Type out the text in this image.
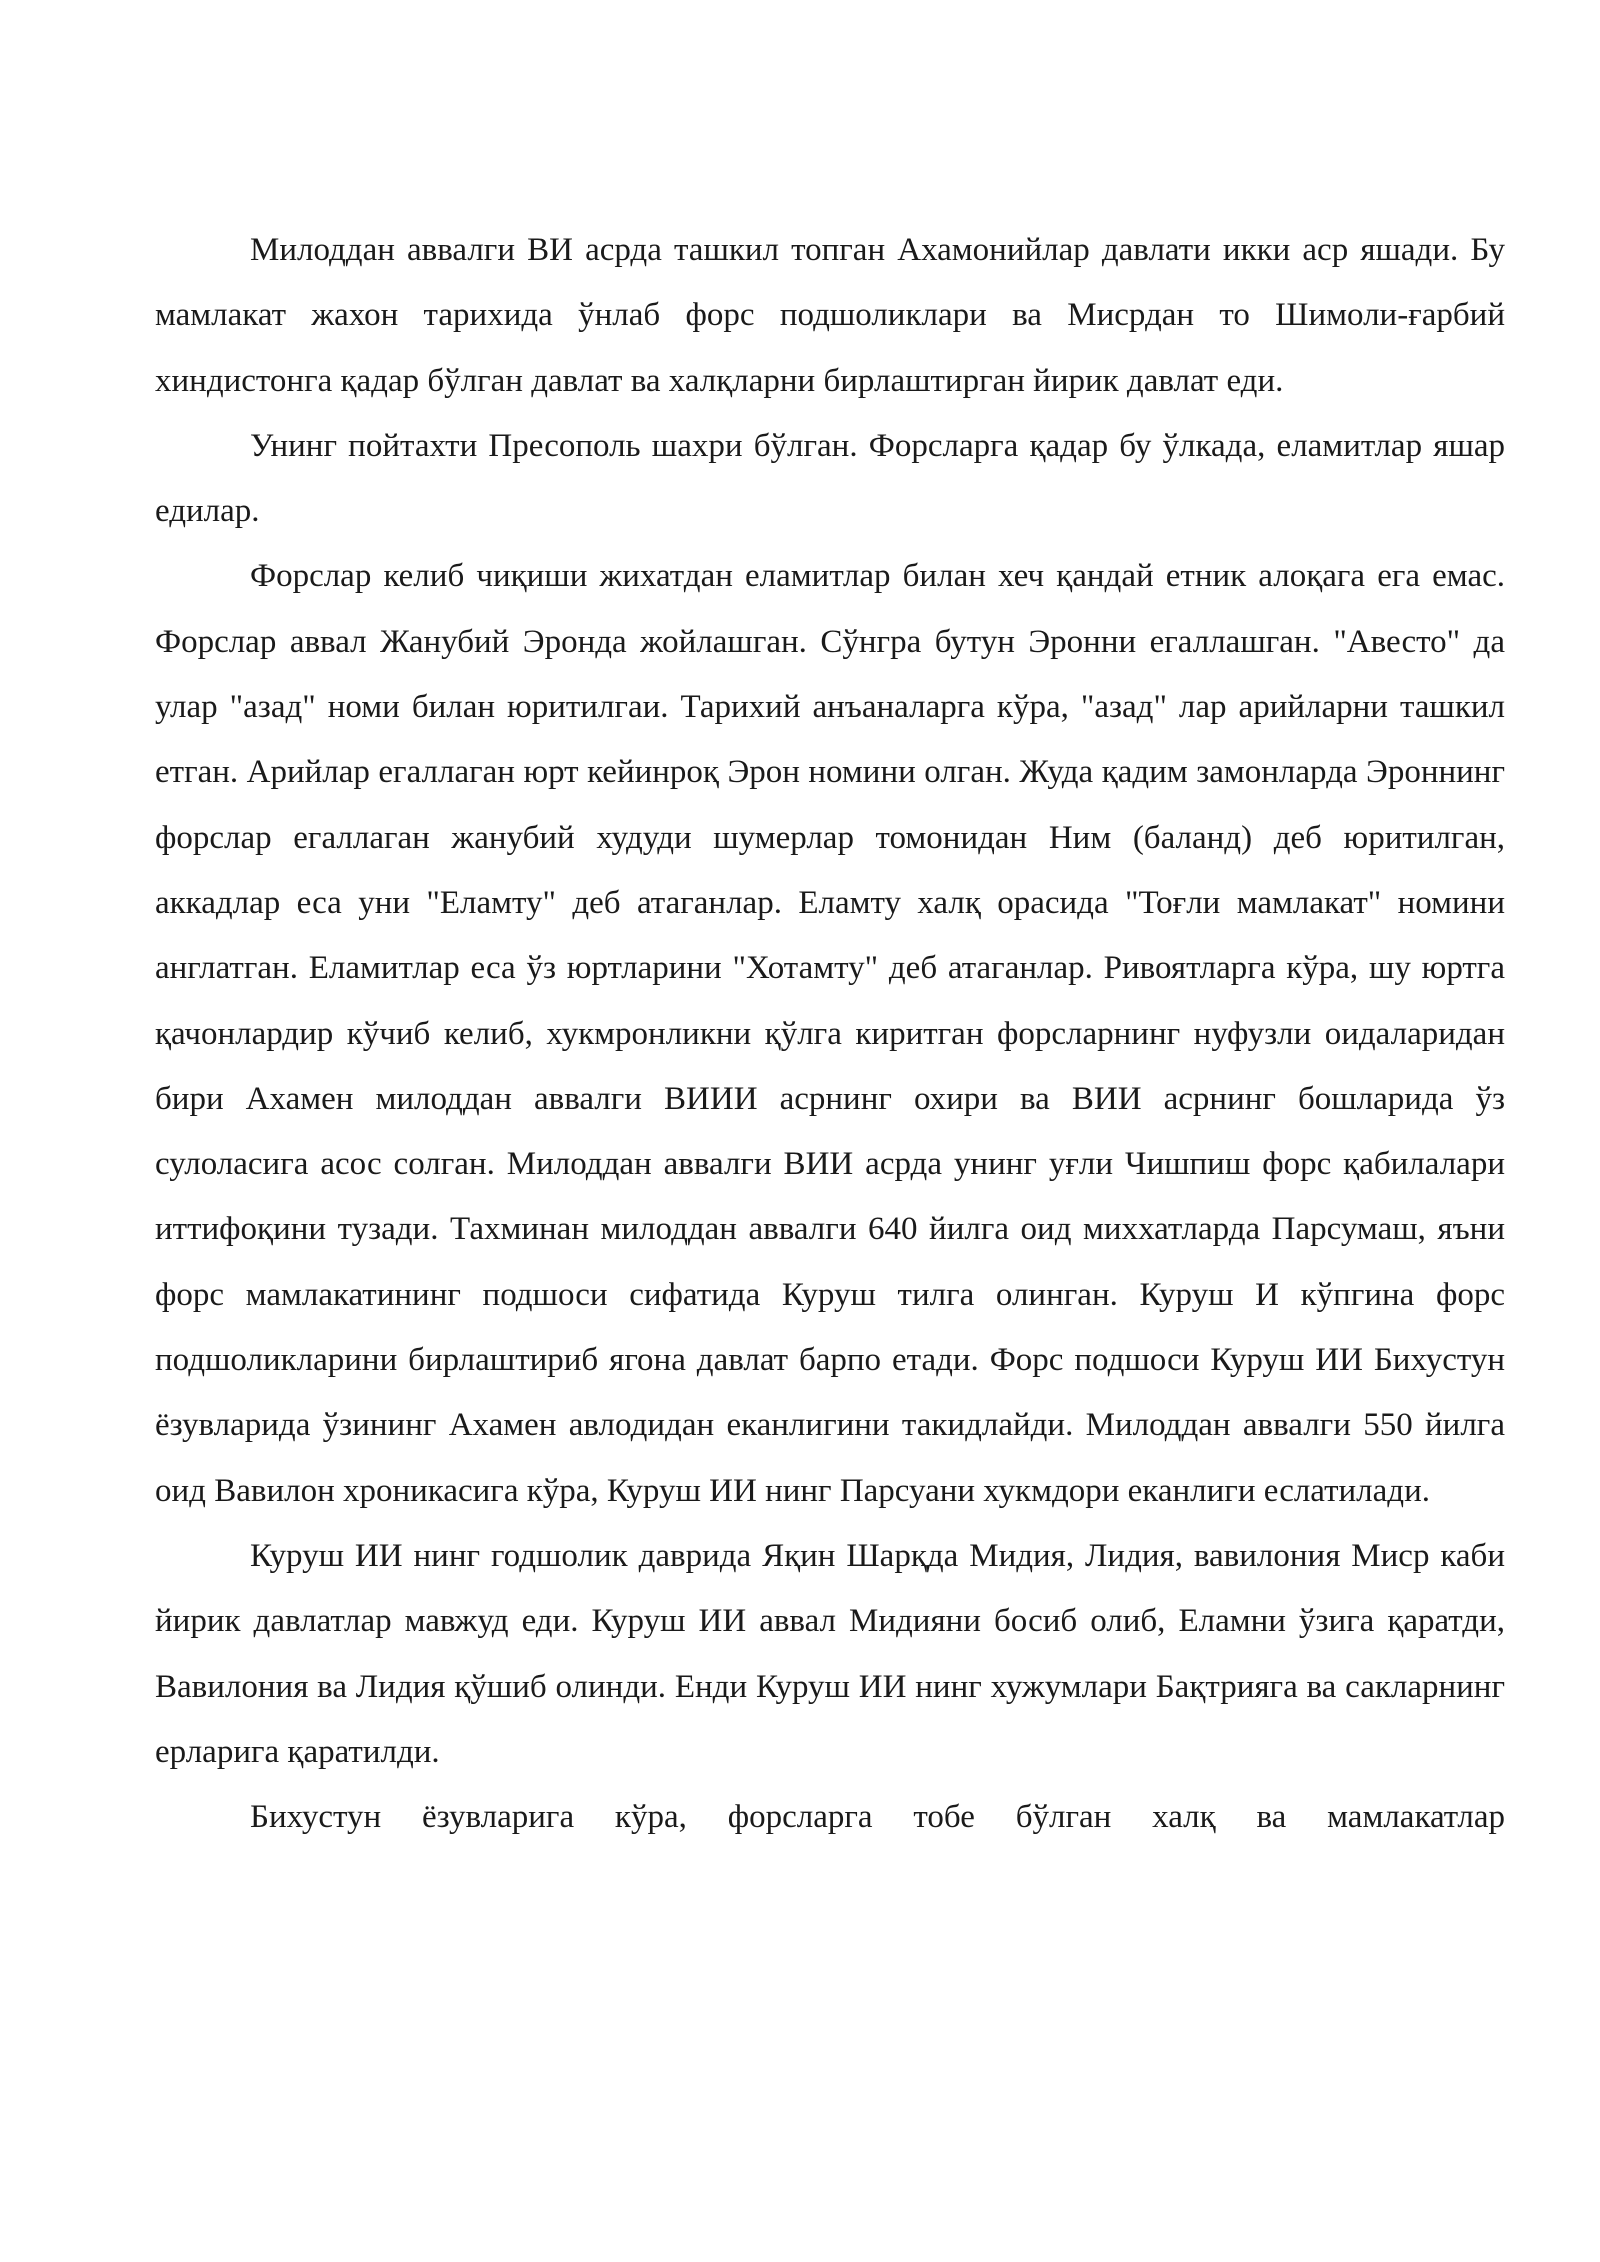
Милоддан аввалги ВИ асрда ташкил топган Ахамонийлар давлати икки аср яшади. Бу мамлакат жахон тарихида ўнлаб форс подшоликлари ва Мисрдан то Шимоли-ғарбий хиндистонга қадар бўлган давлат ва халқларни бирлаштирган йирик давлат еди.

Унинг пойтахти Пресополь шахри бўлган. Форсларга қадар бу ўлкада, еламитлар яшар едилар.

Форслар келиб чиқиши жихатдан еламитлар билан хеч қандай етник алоқага ега емас. Форслар аввал Жанубий Эронда жойлашган. Сўнгра бутун Эронни егаллашган. "Авесто" да улар "азад" номи билан юритилгаи. Тарихий анъаналарга кўра, "азад" лар арийларни ташкил етган. Арийлар егаллаган юрт кейинроқ Эрон номини олган. Жуда қадим замонларда Эроннинг форслар егаллаган жанубий худуди шумерлар томонидан Ним (баланд) деб юритилган, аккадлар еса уни "Еламту" деб атаганлар. Еламту халқ орасида "Тоғли мамлакат" номини англатган. Еламитлар еса ўз юртларини "Хотамту" деб атаганлар. Ривоятларга кўра, шу юртга қачонлардир кўчиб келиб, хукмронликни қўлга киритган форсларнинг нуфузли оидаларидан бири Ахамен милоддан аввалги ВИИИ асрнинг охири ва ВИИ асрнинг бошларида ўз сулоласига асос солган. Милоддан аввалги ВИИ асрда унинг уғли Чишпиш форс қабилалари иттифоқини тузади. Тахминан милоддан аввалги 640 йилга оид миххатларда Парсумаш, яъни форс мамлакатининг подшоси сифатида Куруш тилга олинган. Куруш И кўпгина форс подшоликларини бирлаштириб ягона давлат барпо етади. Форс подшоси Куруш ИИ Бихустун ёзувларида ўзининг Ахамен авлодидан еканлигини такидлайди. Милоддан аввалги 550 йилга оид Вавилон хроникасига кўра, Куруш ИИ нинг Парсуани хукмдори еканлиги еслатилади.

Куруш ИИ нинг годшолик даврида Яқин Шарқда Мидия, Лидия, вавилония Миср каби йирик давлатлар мавжуд еди. Куруш ИИ аввал Мидияни босиб олиб, Еламни ўзига қаратди, Вавилония ва Лидия қўшиб олинди. Енди Куруш ИИ нинг хужумлари Бақтрияга ва сакларнинг ерларига қаратилди.

Бихустун ёзувларига кўра, форсларга тобе бўлган халқ ва мамлакатлар
